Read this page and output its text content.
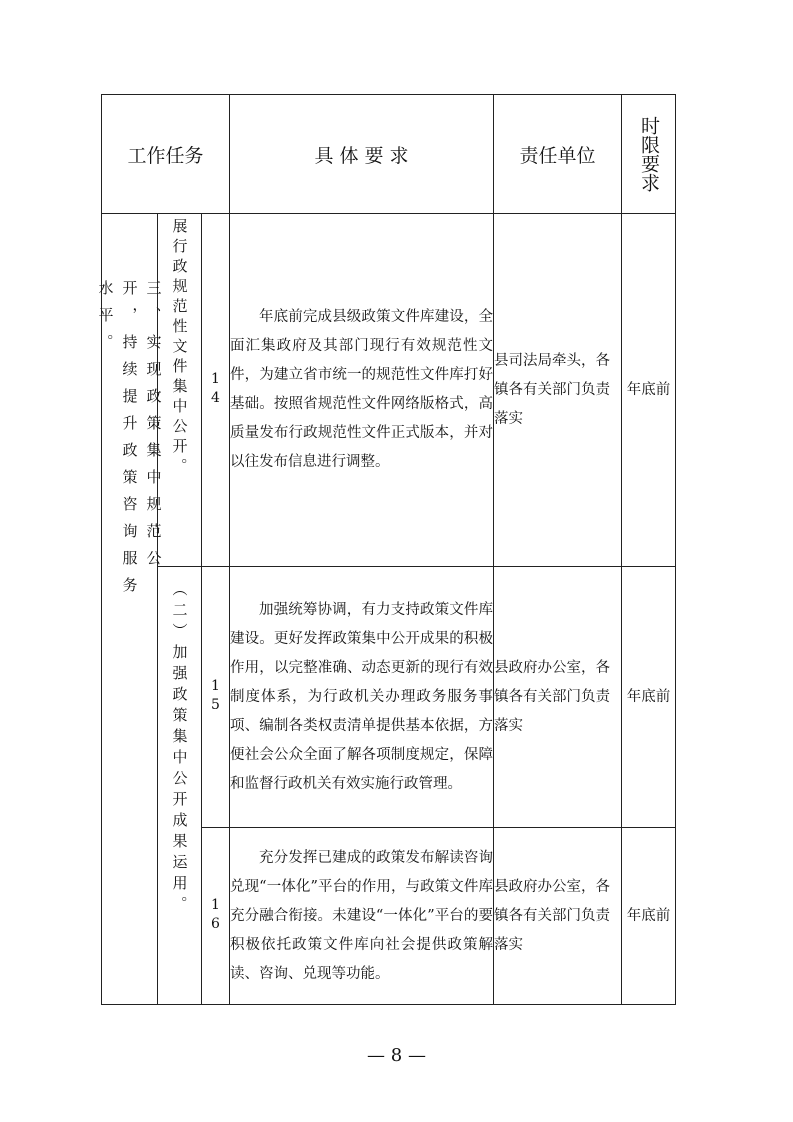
工作任务			具 体 要 求	责任单位	时限要求

三、实现政策集中规范公开，持续提升政策咨询服务水平。	展行政规范性文件集中公开。	14	年底前完成县级政策文件库建设，全面汇集政府及其部门现行有效规范性文件，为建立省市统一的规范性文件库打好基础。按照省规范性文件网络版格式，高质量发布行政规范性文件正式版本，并对以往发布信息进行调整。	县司法局牵头，各镇各有关部门负责落实	年底前

	（二）加强政策集中公开成果运用。	15	加强统筹协调，有力支持政策文件库建设。更好发挥政策集中公开成果的积极作用，以完整准确、动态更新的现行有效制度体系，为行政机关办理政务服务事项、编制各类权责清单提供基本依据，方便社会公众全面了解各项制度规定，保障和监督行政机关有效实施行政管理。	县政府办公室，各镇各有关部门负责落实	年底前

		16	充分发挥已建成的政策发布解读咨询兑现“一体化”平台的作用，与政策文件库充分融合衔接。未建设“一体化”平台的要积极依托政策文件库向社会提供政策解读、咨询、兑现等功能。	县政府办公室，各镇各有关部门负责落实	年底前
— 8 —
